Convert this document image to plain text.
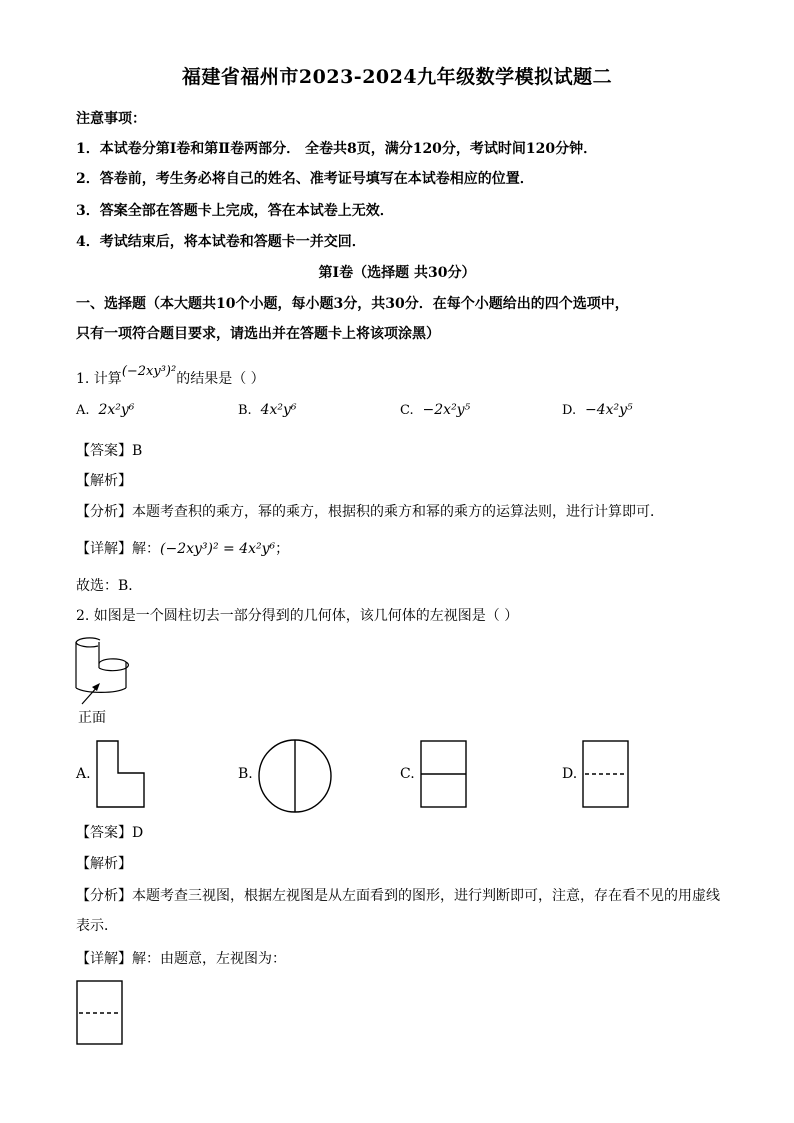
福建省福州市2023-2024九年级数学模拟试题二
注意事项：
1．本试卷分第Ⅰ卷和第Ⅱ卷两部分． 全卷共8页，满分120分，考试时间120分钟．
2．答卷前，考生务必将自己的姓名、准考证号填写在本试卷相应的位置．
3．答案全部在答题卡上完成，答在本试卷上无效．
4．考试结束后，将本试卷和答题卡一并交回．
第Ⅰ卷（选择题 共30分）
一、选择题（本大题共10个小题，每小题3分，共30分．在每个小题给出的四个选项中，
只有一项符合题目要求，请选出并在答题卡上将该项涂黑）
1. 计算(−2xy³)²的结果是（ ）
A. 2x²y⁶	B. 4x²y⁶	C. −2x²y⁵	D. −4x²y⁵
【答案】B
【解析】
【分析】本题考查积的乘方，幂的乘方，根据积的乘方和幂的乘方的运算法则，进行计算即可．
【详解】解：(−2xy³)² = 4x²y⁶；
故选：B．
2. 如图是一个圆柱切去一部分得到的几何体，该几何体的左视图是（ ）
正面
A.	B.	C.	D.
【答案】D
【解析】
【分析】本题考查三视图，根据左视图是从左面看到的图形，进行判断即可，注意，存在看不见的用虚线
表示．
【详解】解：由题意，左视图为：
